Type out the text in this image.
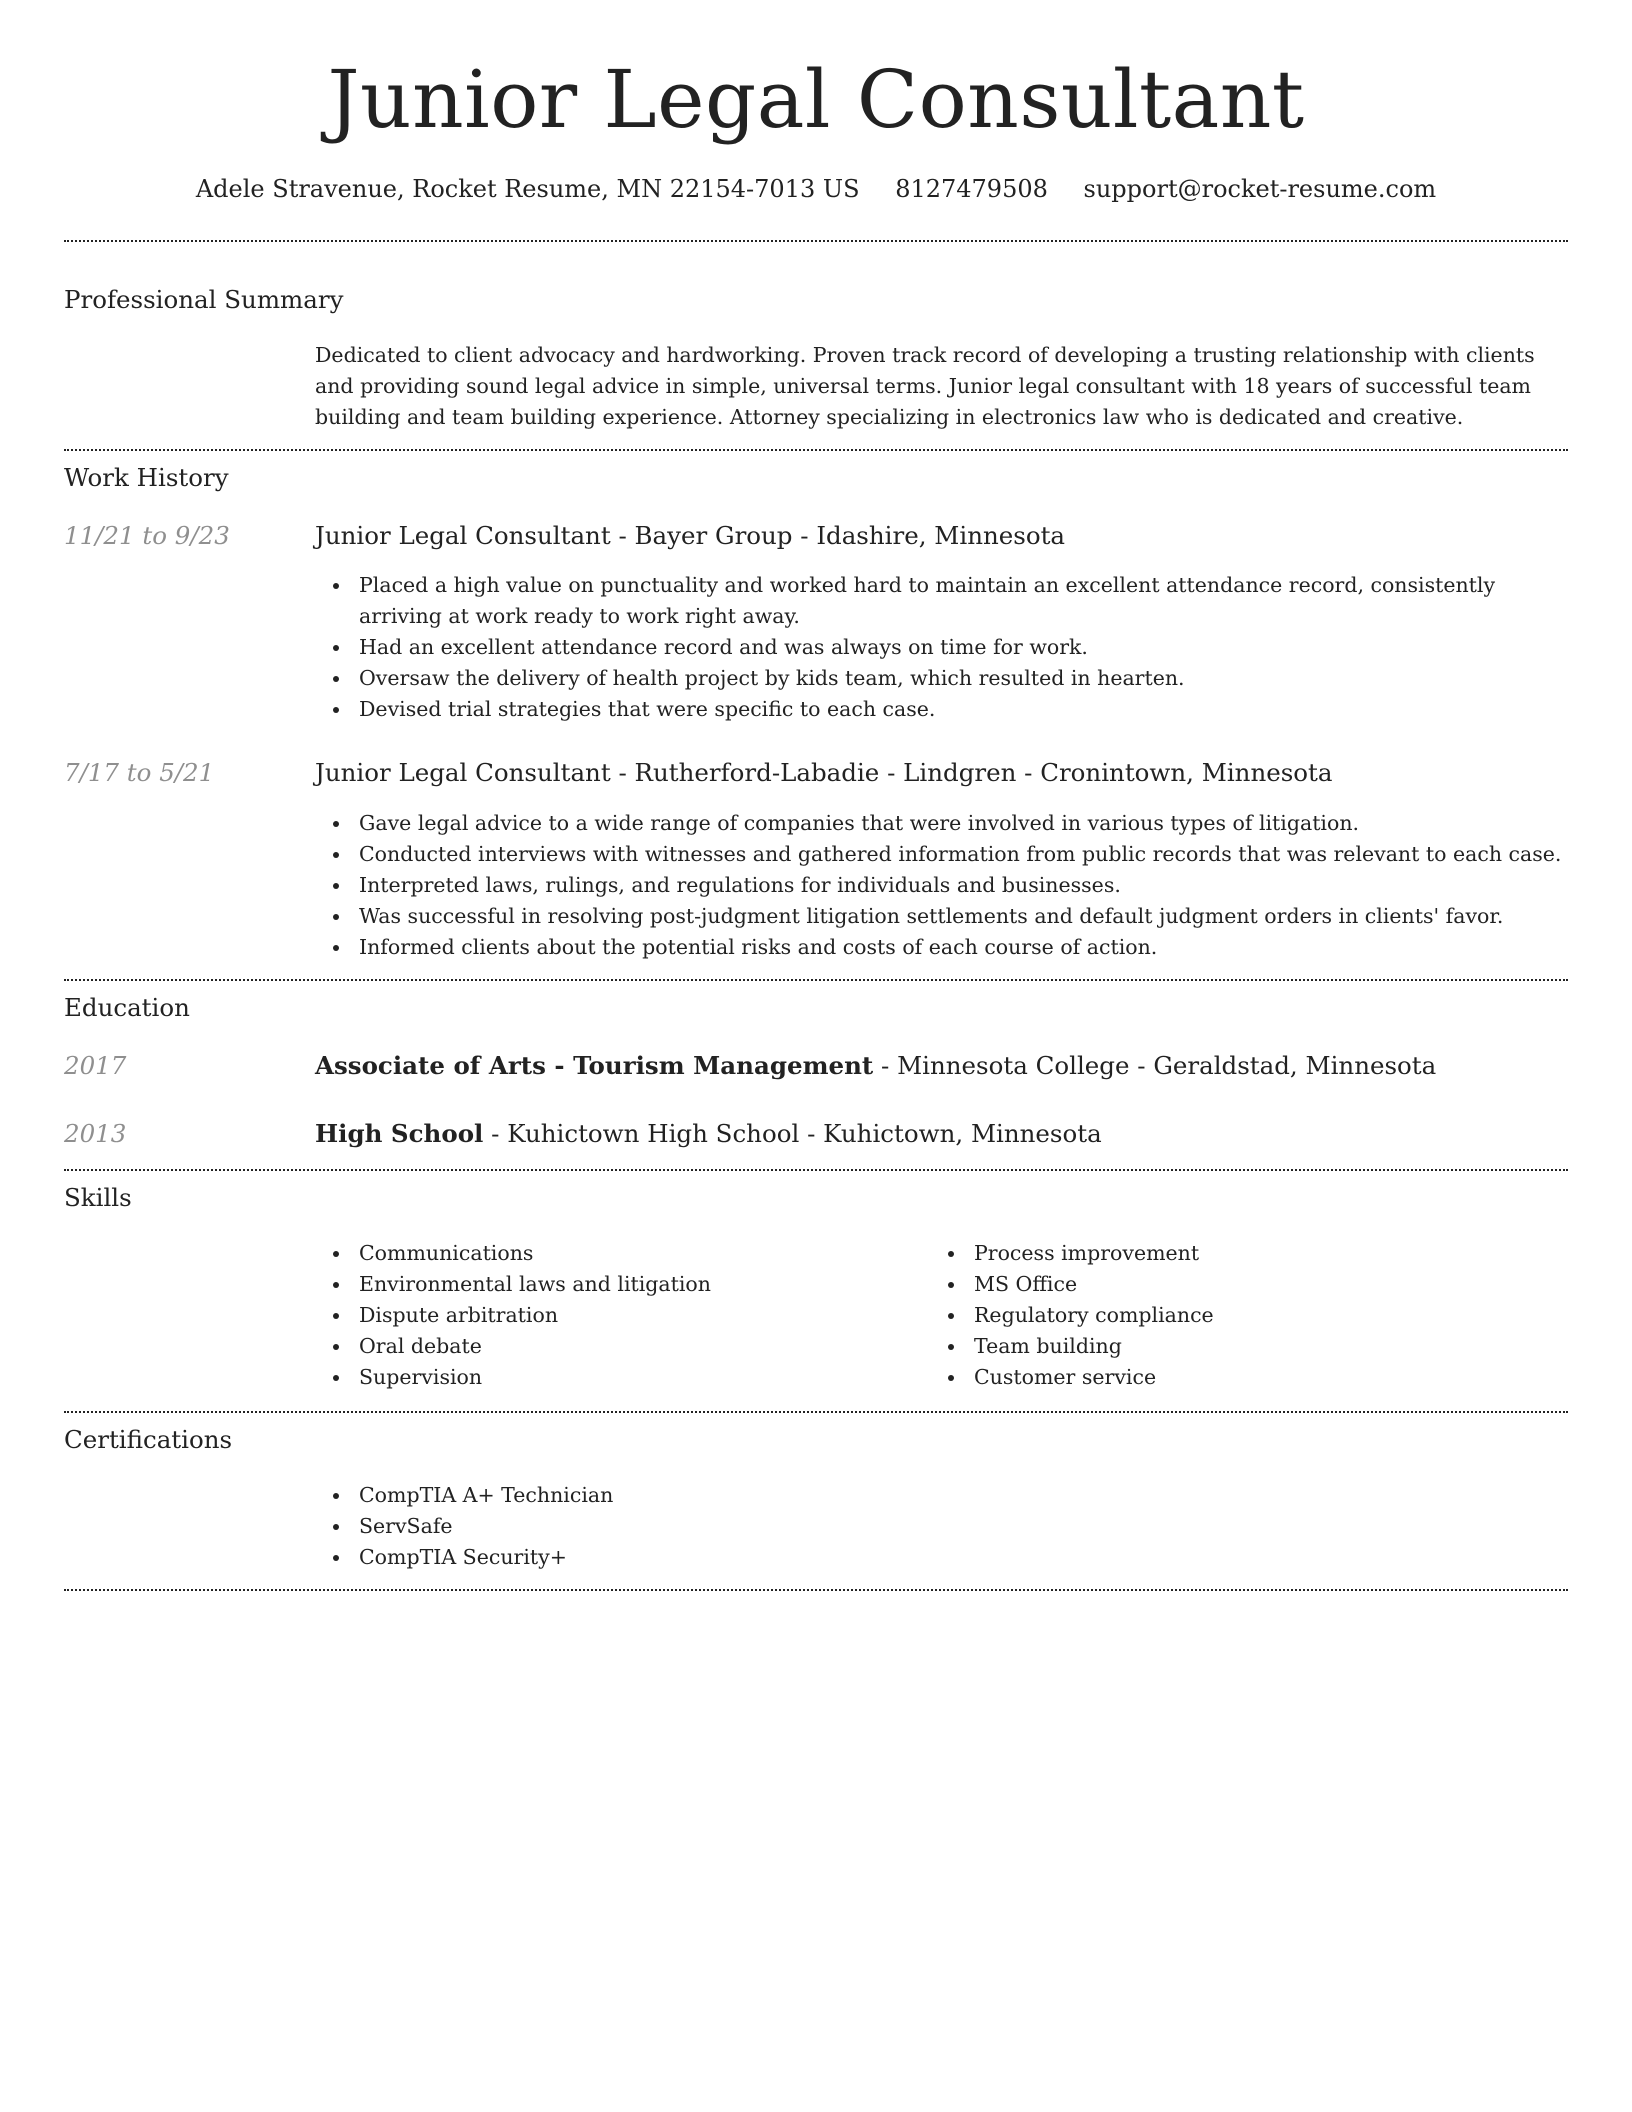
Junior Legal Consultant
Adele Stravenue, Rocket Resume, MN 22154-7013 US 8127479508 support@rocket-resume.com
Professional Summary
Dedicated to client advocacy and hardworking. Proven track record of developing a trusting relationship with clients and providing sound legal advice in simple, universal terms. Junior legal consultant with 18 years of successful team building and team building experience. Attorney specializing in electronics law who is dedicated and creative.
Work History
11/21 to 9/23	Junior Legal Consultant - Bayer Group - Idashire, Minnesota
Placed a high value on punctuality and worked hard to maintain an excellent attendance record, consistently arriving at work ready to work right away.
Had an excellent attendance record and was always on time for work.
Oversaw the delivery of health project by kids team, which resulted in hearten.
Devised trial strategies that were specific to each case.
7/17 to 5/21	Junior Legal Consultant - Rutherford-Labadie - Lindgren - Cronintown, Minnesota
Gave legal advice to a wide range of companies that were involved in various types of litigation.
Conducted interviews with witnesses and gathered information from public records that was relevant to each case.
Interpreted laws, rulings, and regulations for individuals and businesses.
Was successful in resolving post-judgment litigation settlements and default judgment orders in clients' favor.
Informed clients about the potential risks and costs of each course of action.
Education
2017	Associate of Arts - Tourism Management - Minnesota College - Geraldstad, Minnesota
2013	High School - Kuhictown High School - Kuhictown, Minnesota
Skills
Communications
Environmental laws and litigation
Dispute arbitration
Oral debate
Supervision
Process improvement
MS Office
Regulatory compliance
Team building
Customer service
Certifications
CompTIA A+ Technician
ServSafe
CompTIA Security+
